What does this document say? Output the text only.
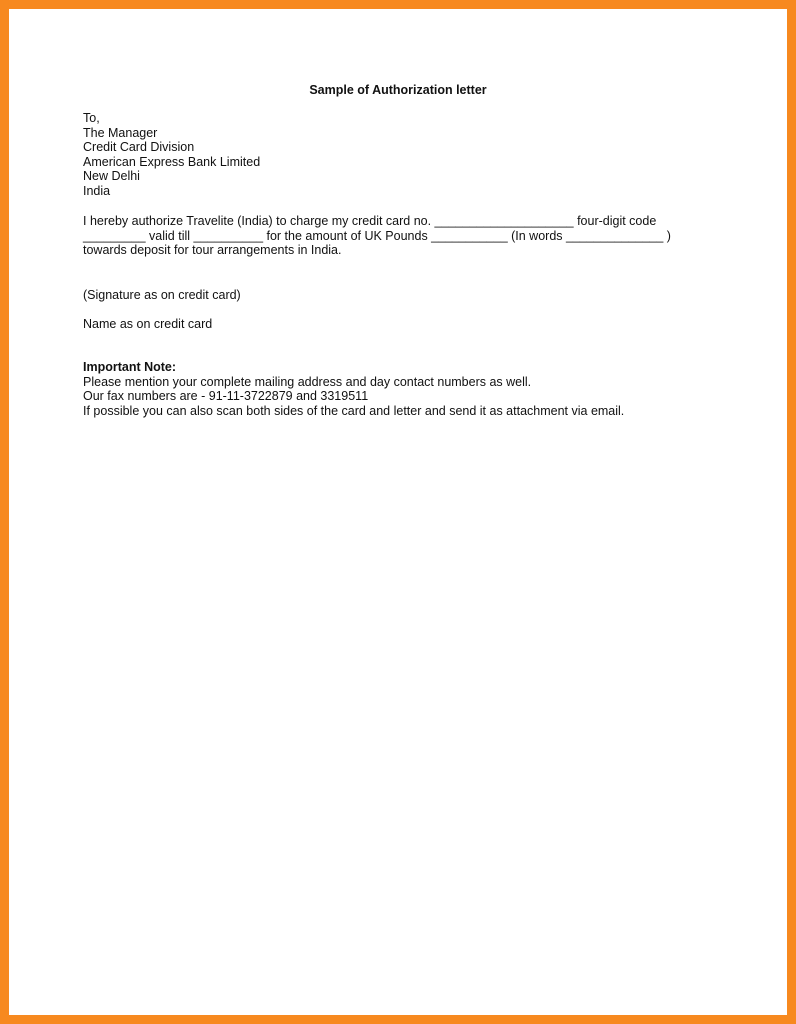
Sample of Authorization letter
To,
The Manager
Credit Card Division
American Express Bank Limited
New Delhi
India
I hereby authorize Travelite (India) to charge my credit card no. ____________________ four-digit code
_________ valid till __________ for the amount of UK Pounds ___________ (In words ______________ )
towards deposit for tour arrangements in India.
(Signature as on credit card)
Name as on credit card
Important Note:
Please mention your complete mailing address and day contact numbers as well.
Our fax numbers are - 91-11-3722879 and 3319511
If possible you can also scan both sides of the card and letter and send it as attachment via email.
